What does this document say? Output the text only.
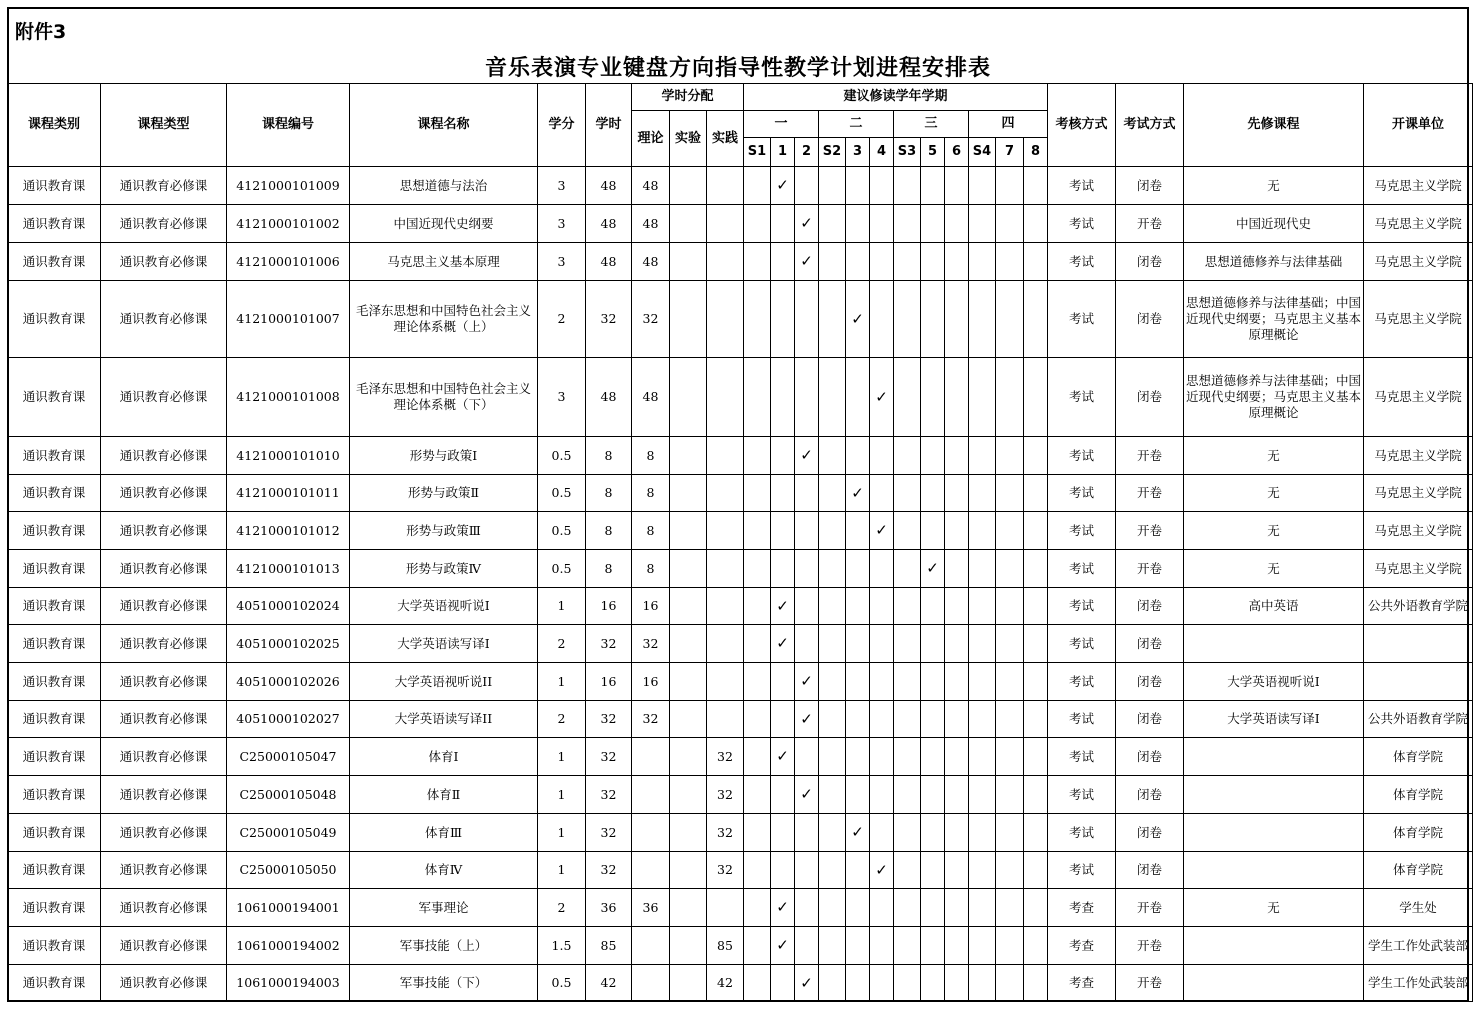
附件3
音乐表演专业键盘方向指导性教学计划进程安排表
课程类别	课程类型	课程编号	课程名称	学分	学时	学时分配			建议修读学年学期												考核方式	考试方式	先修课程	开课单位
						理论	实验	实践	一			二			三			四						
									S1	1	2	S2	3	4	S3	5	6	S4	7	8				
通识教育课	通识教育必修课	4121000101009	思想道德与法治	3	48	48				✓											考试	闭卷	无	马克思主义学院
通识教育课	通识教育必修课	4121000101002	中国近现代史纲要	3	48	48					✓										考试	开卷	中国近现代史	马克思主义学院
通识教育课	通识教育必修课	4121000101006	马克思主义基本原理	3	48	48					✓										考试	闭卷	思想道德修养与法律基础	马克思主义学院
通识教育课	通识教育必修课	4121000101007	毛泽东思想和中国特色社会主义理论体系概（上）	2	32	32							✓								考试	闭卷	思想道德修养与法律基础；中国近现代史纲要；马克思主义基本原理概论	马克思主义学院
通识教育课	通识教育必修课	4121000101008	毛泽东思想和中国特色社会主义理论体系概（下）	3	48	48								✓							考试	闭卷	思想道德修养与法律基础；中国近现代史纲要；马克思主义基本原理概论	马克思主义学院
通识教育课	通识教育必修课	4121000101010	形势与政策Ⅰ	0.5	8	8					✓										考试	开卷	无	马克思主义学院
通识教育课	通识教育必修课	4121000101011	形势与政策Ⅱ	0.5	8	8							✓								考试	开卷	无	马克思主义学院
通识教育课	通识教育必修课	4121000101012	形势与政策Ⅲ	0.5	8	8								✓							考试	开卷	无	马克思主义学院
通识教育课	通识教育必修课	4121000101013	形势与政策Ⅳ	0.5	8	8										✓					考试	开卷	无	马克思主义学院
通识教育课	通识教育必修课	4051000102024	大学英语视听说Ⅰ	1	16	16				✓											考试	闭卷	高中英语	公共外语教育学院
通识教育课	通识教育必修课	4051000102025	大学英语读写译Ⅰ	2	32	32				✓											考试	闭卷		
通识教育课	通识教育必修课	4051000102026	大学英语视听说II	1	16	16					✓										考试	闭卷	大学英语视听说Ⅰ	
通识教育课	通识教育必修课	4051000102027	大学英语读写译II	2	32	32					✓										考试	闭卷	大学英语读写译Ⅰ	公共外语教育学院
通识教育课	通识教育必修课	C25000105047	体育Ⅰ	1	32			32		✓											考试	闭卷		体育学院
通识教育课	通识教育必修课	C25000105048	体育Ⅱ	1	32			32			✓										考试	闭卷		体育学院
通识教育课	通识教育必修课	C25000105049	体育Ⅲ	1	32			32					✓								考试	闭卷		体育学院
通识教育课	通识教育必修课	C25000105050	体育Ⅳ	1	32			32						✓							考试	闭卷		体育学院
通识教育课	通识教育必修课	1061000194001	军事理论	2	36	36				✓											考查	开卷	无	学生处
通识教育课	通识教育必修课	1061000194002	军事技能（上）	1.5	85			85		✓											考查	开卷		学生工作处武装部
通识教育课	通识教育必修课	1061000194003	军事技能（下）	0.5	42			42			✓										考查	开卷		学生工作处武装部
